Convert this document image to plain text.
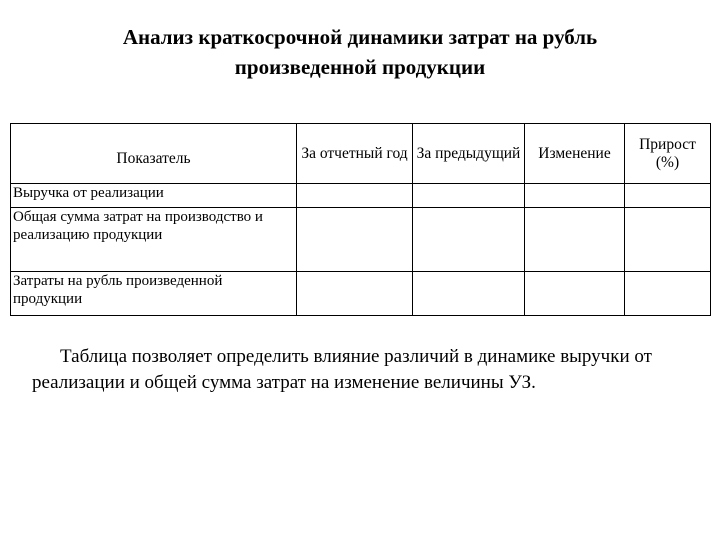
Анализ краткосрочной динамики затрат на рубль
произведенной продукции
Показатель	За отчетный год	За предыдущий	Изменение	Прирост (%)
Выручка от реализации				
Общая сумма затрат на производство и реализацию продукции				
Затраты на рубль произведенной продукции				
Таблица позволяет определить влияние различий в динамике выручки от реализации и общей сумма затрат на изменение величины УЗ.
